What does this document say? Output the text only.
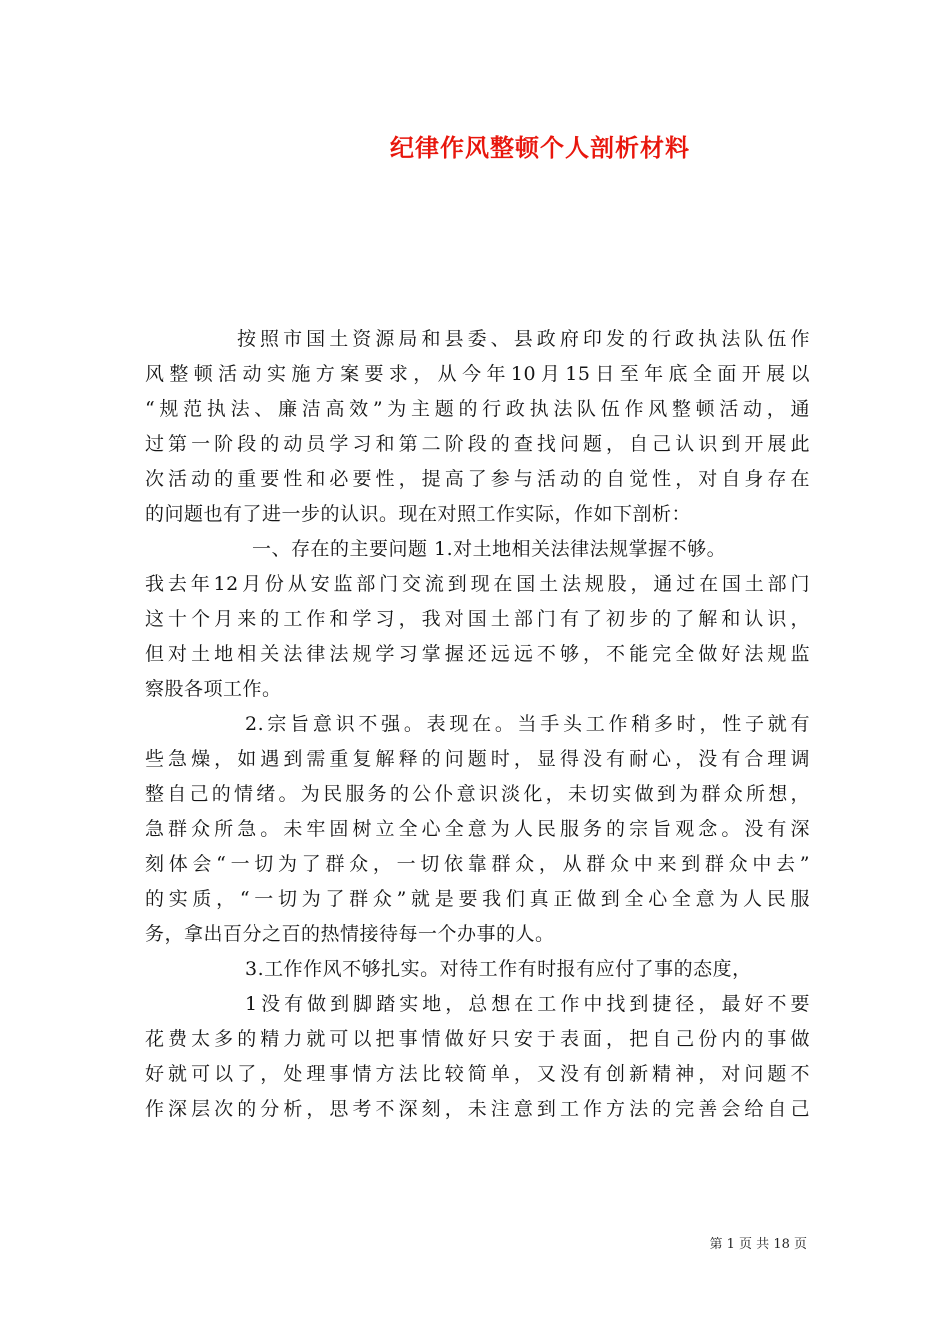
纪律作风整顿个人剖析材料
按照市国土资源局和县委、县政府印发的行政执法队伍作
风整顿活动实施方案要求，从今年10月15日至年底全面开展以
“规范执法、廉洁高效”为主题的行政执法队伍作风整顿活动，通
过第一阶段的动员学习和第二阶段的查找问题，自己认识到开展此
次活动的重要性和必要性，提高了参与活动的自觉性，对自身存在
的问题也有了进一步的认识。现在对照工作实际，作如下剖析：
一、存在的主要问题 1.对土地相关法律法规掌握不够。
我去年12月份从安监部门交流到现在国土法规股，通过在国土部门
这十个月来的工作和学习，我对国土部门有了初步的了解和认识，
但对土地相关法律法规学习掌握还远远不够，不能完全做好法规监
察股各项工作。
2.宗旨意识不强。表现在。当手头工作稍多时，性子就有
些急燥，如遇到需重复解释的问题时，显得没有耐心，没有合理调
整自己的情绪。为民服务的公仆意识淡化，未切实做到为群众所想，
急群众所急。未牢固树立全心全意为人民服务的宗旨观念。没有深
刻体会“一切为了群众，一切依靠群众，从群众中来到群众中去”
的实质，“一切为了群众”就是要我们真正做到全心全意为人民服
务，拿出百分之百的热情接待每一个办事的人。
3.工作作风不够扎实。对待工作有时报有应付了事的态度，
1没有做到脚踏实地，总想在工作中找到捷径，最好不要
花费太多的精力就可以把事情做好只安于表面，把自己份内的事做
好就可以了，处理事情方法比较简单，又没有创新精神，对问题不
作深层次的分析，思考不深刻，未注意到工作方法的完善会给自己
第 1 页 共 18 页
